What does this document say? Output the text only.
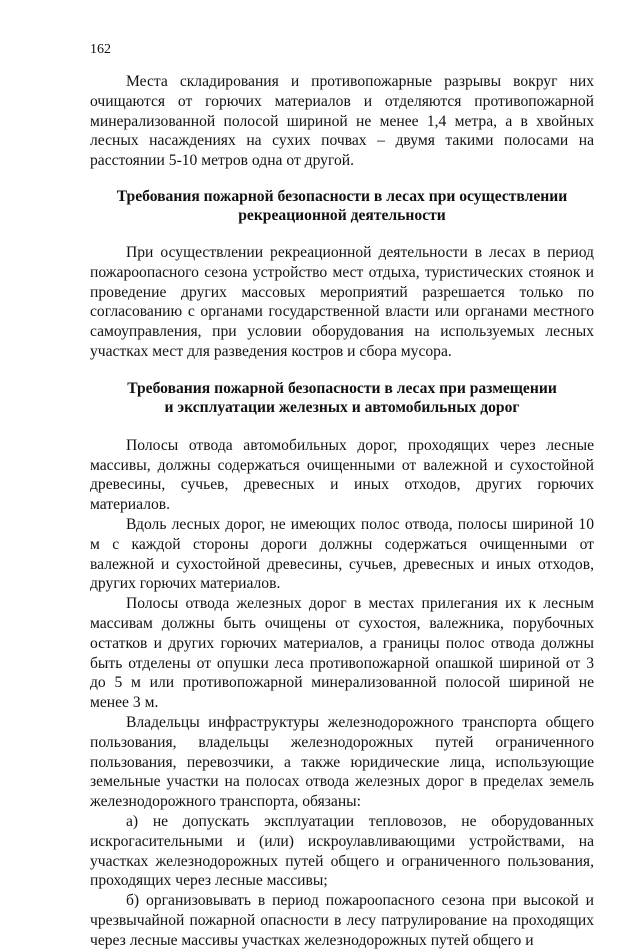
162

Места складирования и противопожарные разрывы вокруг них очищаются от горючих материалов и отделяются противопожарной минерализованной полосой шириной не менее 1,4 метра, а в хвойных лесных насаждениях на сухих почвах – двумя такими полосами на расстоянии 5-10 метров одна от другой.

Требования пожарной безопасности в лесах при осуществлении
рекреационной деятельности

При осуществлении рекреационной деятельности в лесах в период пожароопасного сезона устройство мест отдыха, туристических стоянок и проведение других массовых мероприятий разрешается только по согласованию с органами государственной власти или органами местного самоуправления, при условии оборудования на используемых лесных участках мест для разведения костров и сбора мусора.

Требования пожарной безопасности в лесах при размещении
и эксплуатации железных и автомобильных дорог

Полосы отвода автомобильных дорог, проходящих через лесные массивы, должны содержаться очищенными от валежной и сухостойной древесины, сучьев, древесных и иных отходов, других горючих материалов.

Вдоль лесных дорог, не имеющих полос отвода, полосы шириной 10 м с каждой стороны дороги должны содержаться очищенными от валежной и сухостойной древесины, сучьев, древесных и иных отходов, других горючих материалов.

Полосы отвода железных дорог в местах прилегания их к лесным массивам должны быть очищены от сухостоя, валежника, порубочных остатков и других горючих материалов, а границы полос отвода должны быть отделены от опушки леса противопожарной опашкой шириной от 3 до 5 м или противопожарной минерализованной полосой шириной не менее 3 м.

Владельцы инфраструктуры железнодорожного транспорта общего пользования, владельцы железнодорожных путей ограниченного пользования, перевозчики, а также юридические лица, использующие земельные участки на полосах отвода железных дорог в пределах земель железнодорожного транспорта, обязаны:

а) не допускать эксплуатации тепловозов, не оборудованных искрогасительными и (или) искроулавливающими устройствами, на участках железнодорожных путей общего и ограниченного пользования, проходящих через лесные массивы;

б) организовывать в период пожароопасного сезона при высокой и чрезвычайной пожарной опасности в лесу патрулирование на проходящих через лесные массивы участках железнодорожных путей общего и
